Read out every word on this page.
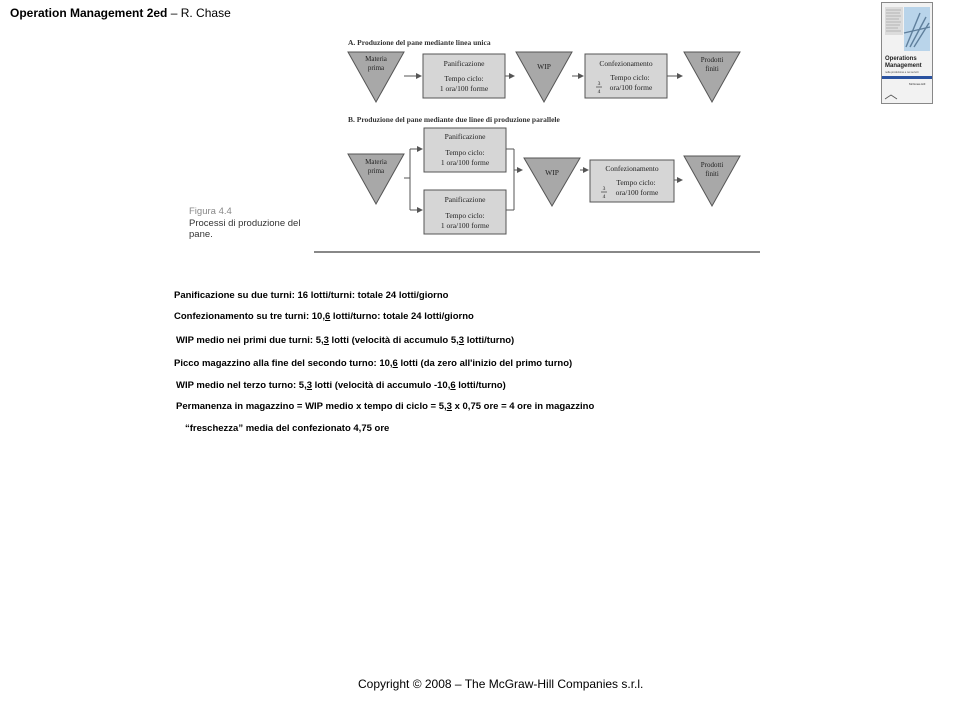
Operation Management 2ed – R. Chase
Operations
Management
nella produzione e nei servizi
McGraw-Hill
A. Produzione del pane mediante linea unica
Materia
prima	Panificazione
Tempo ciclo:
1 ora/100 forme
WIP	Confezionamento
Tempo ciclo:
3
4 ora/100 forme
Prodotti
finiti
B. Produzione del pane mediante due linee di produzione parallele
Materia
prima
Panificazione
Tempo ciclo:
1 ora/100 forme
Panificazione
Tempo ciclo:
1 ora/100 forme
WIP	Confezionamento
Tempo ciclo:
3
4 ora/100 forme
Prodotti
finiti
Figura 4.4
Processi di produzione del
pane.
Panificazione su due turni: 16 lotti/turni: totale 24 lotti/giorno
Confezionamento su tre turni: 10,6 lotti/turno: totale 24 lotti/giorno
WIP medio nei primi due turni: 5,3 lotti (velocità di accumulo 5,3 lotti/turno)
Picco magazzino alla fine del secondo turno: 10,6 lotti (da zero all'inizio del primo turno)
WIP medio nel terzo turno: 5,3 lotti (velocità di accumulo -10,6 lotti/turno)
Permanenza in magazzino = WIP medio x tempo di ciclo = 5,3 x 0,75 ore = 4 ore in magazzino
“freschezza” media del confezionato 4,75 ore
Copyright © 2008 – The McGraw-Hill Companies s.r.l.
